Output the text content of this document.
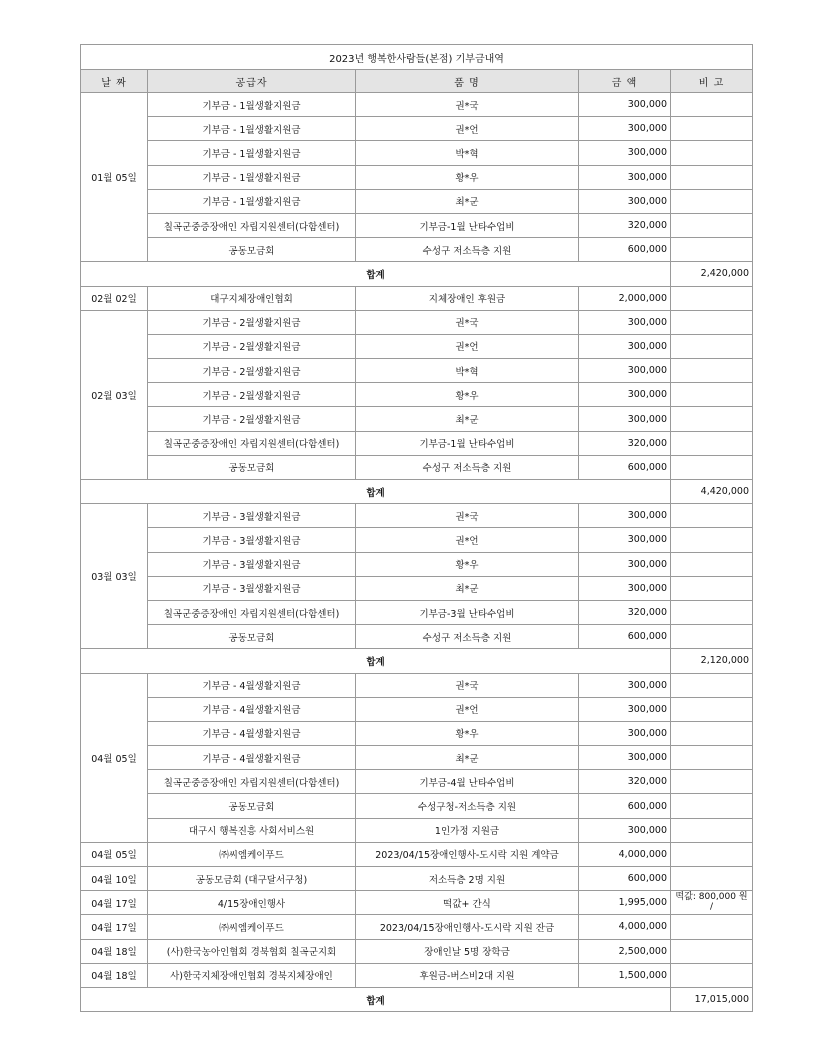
2023년 행복한사람들(본점) 기부금내역				
날 짜	공급자	품 명	금 액	비 고
01월 05일	기부금 - 1월생활지원금	권*국	300,000	
	기부금 - 1월생활지원금	권*언	300,000	
	기부금 - 1월생활지원금	박*혁	300,000	
	기부금 - 1월생활지원금	황*우	300,000	
	기부금 - 1월생활지원금	최*군	300,000	
	칠곡군중증장애인 자립지원센터(다함센터)	기부금-1월 난타수업비	320,000	
	공동모금회	수성구 저소득층 지원	600,000	
합계				2,420,000
02월 02일	대구지체장애인협회	지체장애인 후원금	2,000,000	
02월 03일	기부금 - 2월생활지원금	권*국	300,000	
	기부금 - 2월생활지원금	권*언	300,000	
	기부금 - 2월생활지원금	박*혁	300,000	
	기부금 - 2월생활지원금	황*우	300,000	
	기부금 - 2월생활지원금	최*군	300,000	
	칠곡군중증장애인 자립지원센터(다함센터)	기부금-1월 난타수업비	320,000	
	공동모금회	수성구 저소득층 지원	600,000	
합계				4,420,000
03월 03일	기부금 - 3월생활지원금	권*국	300,000	
	기부금 - 3월생활지원금	권*언	300,000	
	기부금 - 3월생활지원금	황*우	300,000	
	기부금 - 3월생활지원금	최*군	300,000	
	칠곡군중증장애인 자립지원센터(다함센터)	기부금-3월 난타수업비	320,000	
	공동모금회	수성구 저소득층 지원	600,000	
합계				2,120,000
04월 05일	기부금 - 4월생활지원금	권*국	300,000	
	기부금 - 4월생활지원금	권*언	300,000	
	기부금 - 4월생활지원금	황*우	300,000	
	기부금 - 4월생활지원금	최*군	300,000	
	칠곡군중증장애인 자립지원센터(다함센터)	기부금-4월 난타수업비	320,000	
	공동모금회	수성구청-저소득층 지원	600,000	
	대구시 행복진흥 사회서비스원	1인가정 지원금	300,000	
04월 05일	㈜씨엠케이푸드	2023/04/15장애인행사-도시락 지원 계약금	4,000,000	
04월 10일	공동모금회 (대구달서구청)	저소득층 2명 지원	600,000	
04월 17일	4/15장애인행사	떡값+ 간식	1,995,000	떡값: 800,000 원 /
04월 17일	㈜씨엠케이푸드	2023/04/15장애인행사-도시락 지원 잔금	4,000,000	
04월 18일	(사)한국농아인협회 경북협회 칠곡군지회	장애인날 5명 장학금	2,500,000	
04월 18일	사)한국지체장애인협회 경북지체장애인	후원금-버스비2대 지원	1,500,000	
합계				17,015,000
